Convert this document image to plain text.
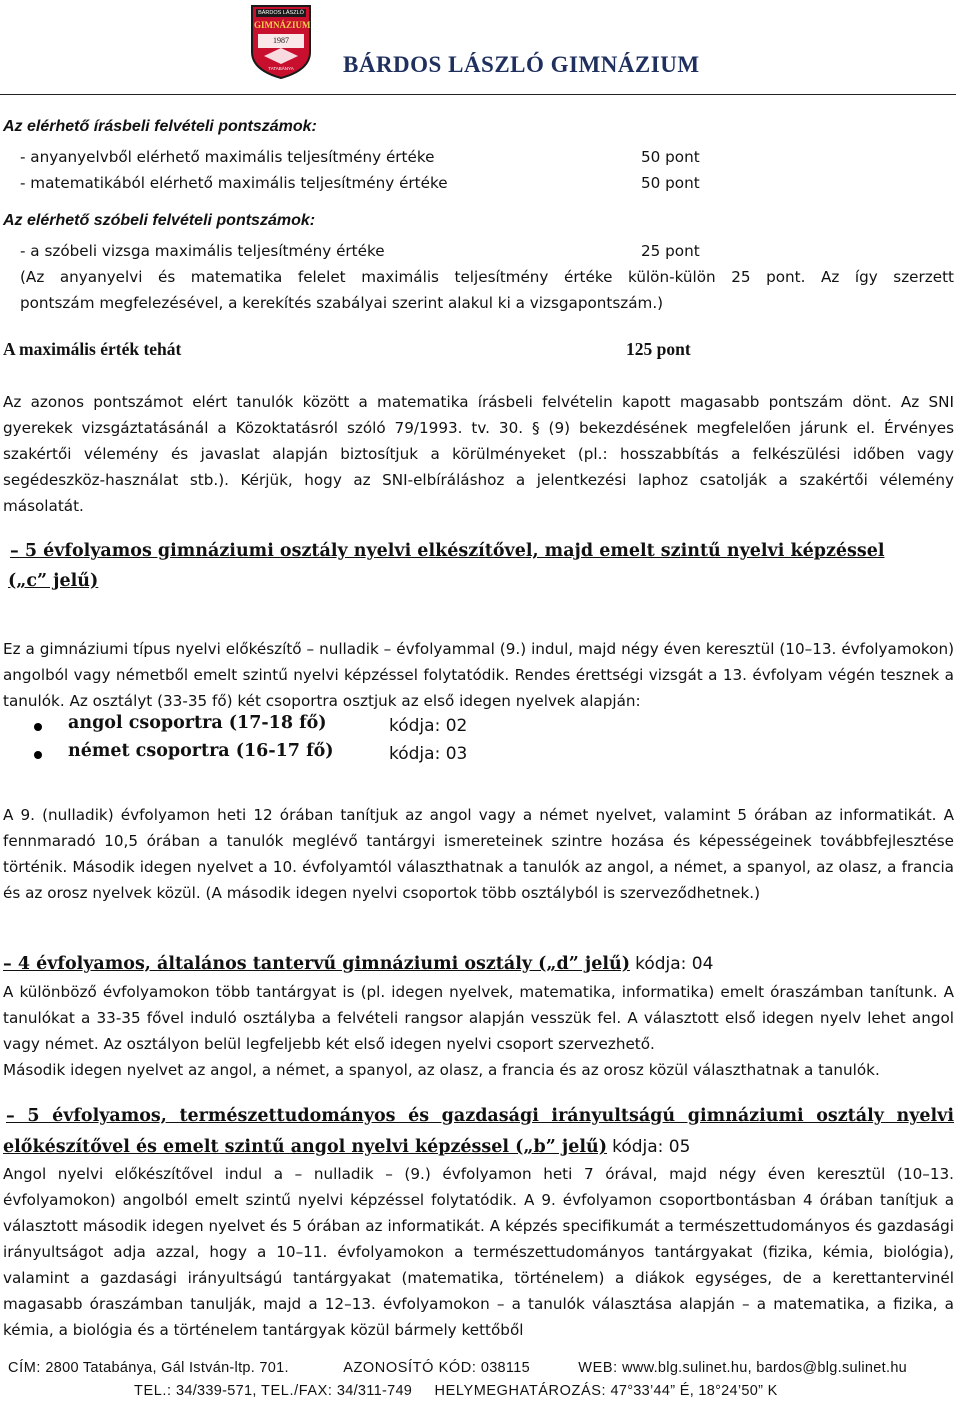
BÁRDOS LÁSZLÓ
GIMNÁZIUM
1987
TATABÁNYA	BÁRDOS LÁSZLÓ GIMNÁZIUM
Az elérhető írásbeli felvételi pontszámok:
- anyanyelvből elérhető maximális teljesítmény értéke	50 pont
- matematikából elérhető maximális teljesítmény értéke	50 pont
Az elérhető szóbeli felvételi pontszámok:
- a szóbeli vizsga maximális teljesítmény értéke	25 pont
(Az anyanyelvi és matematika felelet maximális teljesítmény értéke külön-külön 25 pont. Az így szerzett
pontszám megfelezésével, a kerekítés szabályai szerint alakul ki a vizsgapontszám.)
A maximális érték tehát	125 pont
Az azonos pontszámot elért tanulók között a matematika írásbeli felvételin kapott magasabb pontszám dönt. Az SNI gyerekek vizsgáztatásánál a Közoktatásról szóló 79/1993. tv. 30. § (9) bekezdésének megfelelően járunk el. Érvényes szakértői vélemény és javaslat alapján biztosítjuk a körülményeket (pl.: hosszabbítás a felkészülési időben vagy segédeszköz-használat stb.). Kérjük, hogy az SNI-elbíráláshoz a jelentkezési laphoz csatolják a szakértői vélemény másolatát.
– 5 évfolyamos gimnáziumi osztály nyelvi elkészítővel, majd emelt szintű nyelvi képzéssel
(„c” jelű)
Ez a gimnáziumi típus nyelvi előkészítő – nulladik – évfolyammal (9.) indul, majd négy éven keresztül (10–13. évfolyamokon) angolból vagy németből emelt szintű nyelvi képzéssel folytatódik. Rendes érettségi vizsgát a 13. évfolyam végén tesznek a tanulók. Az osztályt (33-35 fő) két csoportra osztjuk az első idegen nyelvek alapján:
angol csoportra (17-18 fő)	kódja: 02
német csoportra (16-17 fő)	kódja: 03
A 9. (nulladik) évfolyamon heti 12 órában tanítjuk az angol vagy a német nyelvet, valamint 5 órában az informatikát. A fennmaradó 10,5 órában a tanulók meglévő tantárgyi ismereteinek szintre hozása és képességeinek továbbfejlesztése történik. Második idegen nyelvet a 10. évfolyamtól választhatnak a tanulók az angol, a német, a spanyol, az olasz, a francia és az orosz nyelvek közül. (A második idegen nyelvi csoportok több osztályból is szerveződhetnek.)
– 4 évfolyamos, általános tantervű gimnáziumi osztály („d” jelű) kódja: 04
A különböző évfolyamokon több tantárgyat is (pl. idegen nyelvek, matematika, informatika) emelt óraszámban tanítunk. A tanulókat a 33-35 fővel induló osztályba a felvételi rangsor alapján vesszük fel. A választott első idegen nyelv lehet angol vagy német. Az osztályon belül legfeljebb két első idegen nyelvi csoport szervezhető.
Második idegen nyelvet az angol, a német, a spanyol, az olasz, a francia és az orosz közül választhatnak a tanulók.
– 5 évfolyamos, természettudományos és gazdasági irányultságú gimnáziumi osztály nyelvi
előkészítővel és emelt szintű angol nyelvi képzéssel („b” jelű) kódja: 05
Angol nyelvi előkészítővel indul a – nulladik – (9.) évfolyamon heti 7 órával, majd négy éven keresztül (10–13. évfolyamokon) angolból emelt szintű nyelvi képzéssel folytatódik. A 9. évfolyamon csoportbontásban 4 órában tanítjuk a választott második idegen nyelvet és 5 órában az informatikát. A képzés specifikumát a természettudományos és gazdasági irányultságot adja azzal, hogy a 10–11. évfolyamokon a természettudományos tantárgyakat (fizika, kémia, biológia), valamint a gazdasági irányultságú tantárgyakat (matematika, történelem) a diákok egységes, de a kerettantervinél magasabb óraszámban tanulják, majd a 12–13. évfolyamokon – a tanulók választása alapján – a matematika, a fizika, a kémia, a biológia és a történelem tantárgyak közül bármely kettőből
CÍM: 2800 Tatabánya, Gál István-ltp. 701.	AZONOSÍTÓ KÓD: 038115	WEB: www.blg.sulinet.hu, bardos@blg.sulinet.hu
TEL.: 34/339-571, TEL./FAX: 34/311-749 HELYMEGHATÁROZÁS: 47°33’44” É, 18°24’50” K
